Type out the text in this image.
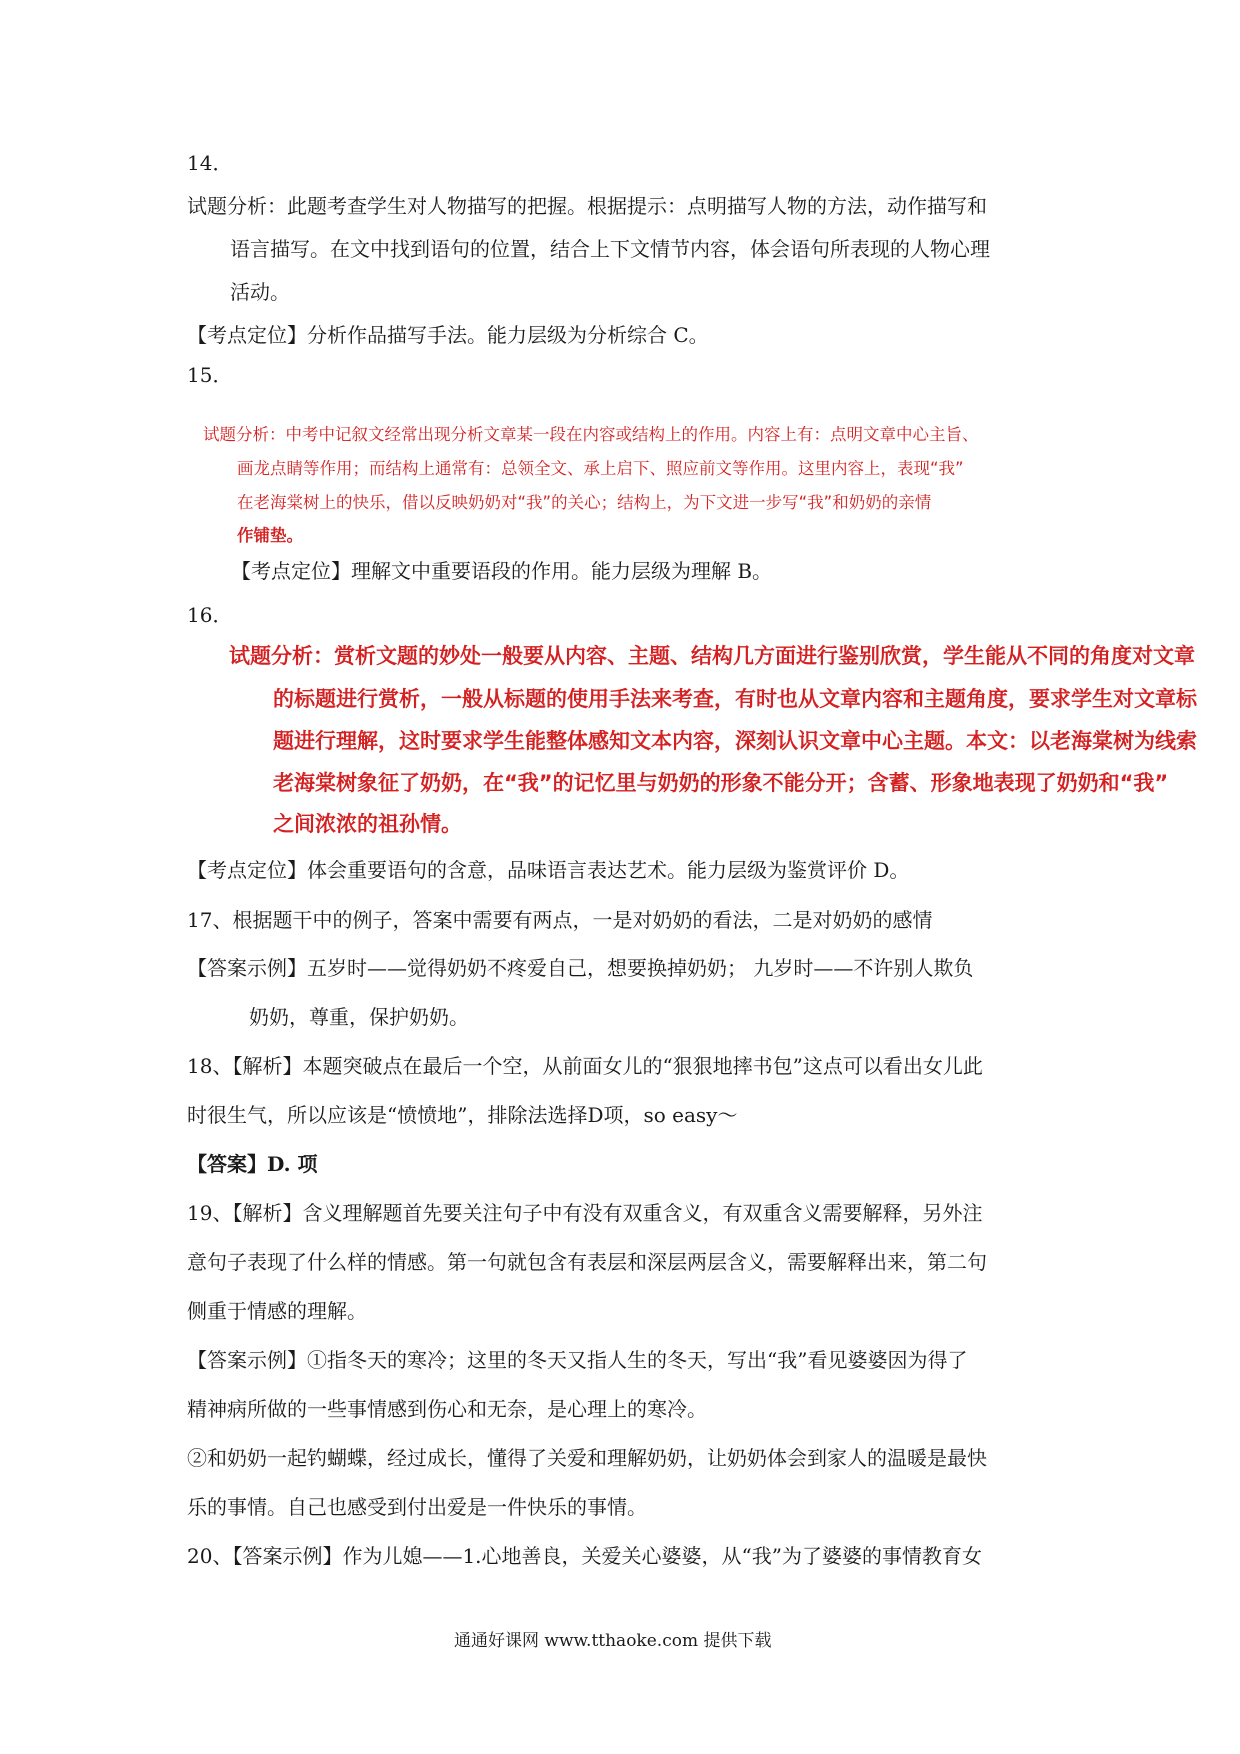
14．
试题分析：此题考查学生对人物描写的把握。根据提示：点明描写人物的方法，动作描写和
语言描写。在文中找到语句的位置，结合上下文情节内容，体会语句所表现的人物心理
活动。
【考点定位】分析作品描写手法。能力层级为分析综合 C。
15．
试题分析：中考中记叙文经常出现分析文章某一段在内容或结构上的作用。内容上有：点明文章中心主旨、
画龙点睛等作用；而结构上通常有：总领全文、承上启下、照应前文等作用。这里内容上，表现“我”
在老海棠树上的快乐，借以反映奶奶对“我”的关心；结构上，为下文进一步写“我”和奶奶的亲情
作铺垫。
【考点定位】理解文中重要语段的作用。能力层级为理解 B。
16．
试题分析：赏析文题的妙处一般要从内容、主题、结构几方面进行鉴别欣赏，学生能从不同的角度对文章
的标题进行赏析，一般从标题的使用手法来考查，有时也从文章内容和主题角度，要求学生对文章标
题进行理解，这时要求学生能整体感知文本内容，深刻认识文章中心主题。本文：以老海棠树为线索
老海棠树象征了奶奶，在“我”的记忆里与奶奶的形象不能分开；含蓄、形象地表现了奶奶和“我”
之间浓浓的祖孙情。
【考点定位】体会重要语句的含意，品味语言表达艺术。能力层级为鉴赏评价 D。
17、根据题干中的例子，答案中需要有两点，一是对奶奶的看法，二是对奶奶的感情
【答案示例】五岁时——觉得奶奶不疼爱自己，想要换掉奶奶； 九岁时——不许别人欺负
奶奶，尊重，保护奶奶。
18、【解析】本题突破点在最后一个空，从前面女儿的“狠狠地摔书包”这点可以看出女儿此
时很生气，所以应该是“愤愤地”，排除法选择D项，so easy～
【答案】D. 项
19、【解析】含义理解题首先要关注句子中有没有双重含义，有双重含义需要解释，另外注
意句子表现了什么样的情感。第一句就包含有表层和深层两层含义，需要解释出来，第二句
侧重于情感的理解。
【答案示例】①指冬天的寒冷；这里的冬天又指人生的冬天，写出“我”看见婆婆因为得了
精神病所做的一些事情感到伤心和无奈，是心理上的寒冷。
②和奶奶一起钓蝴蝶，经过成长，懂得了关爱和理解奶奶，让奶奶体会到家人的温暖是最快
乐的事情。自己也感受到付出爱是一件快乐的事情。
20、【答案示例】作为儿媳——1.心地善良，关爱关心婆婆，从“我”为了婆婆的事情教育女
通通好课网 www.tthaoke.com 提供下载
